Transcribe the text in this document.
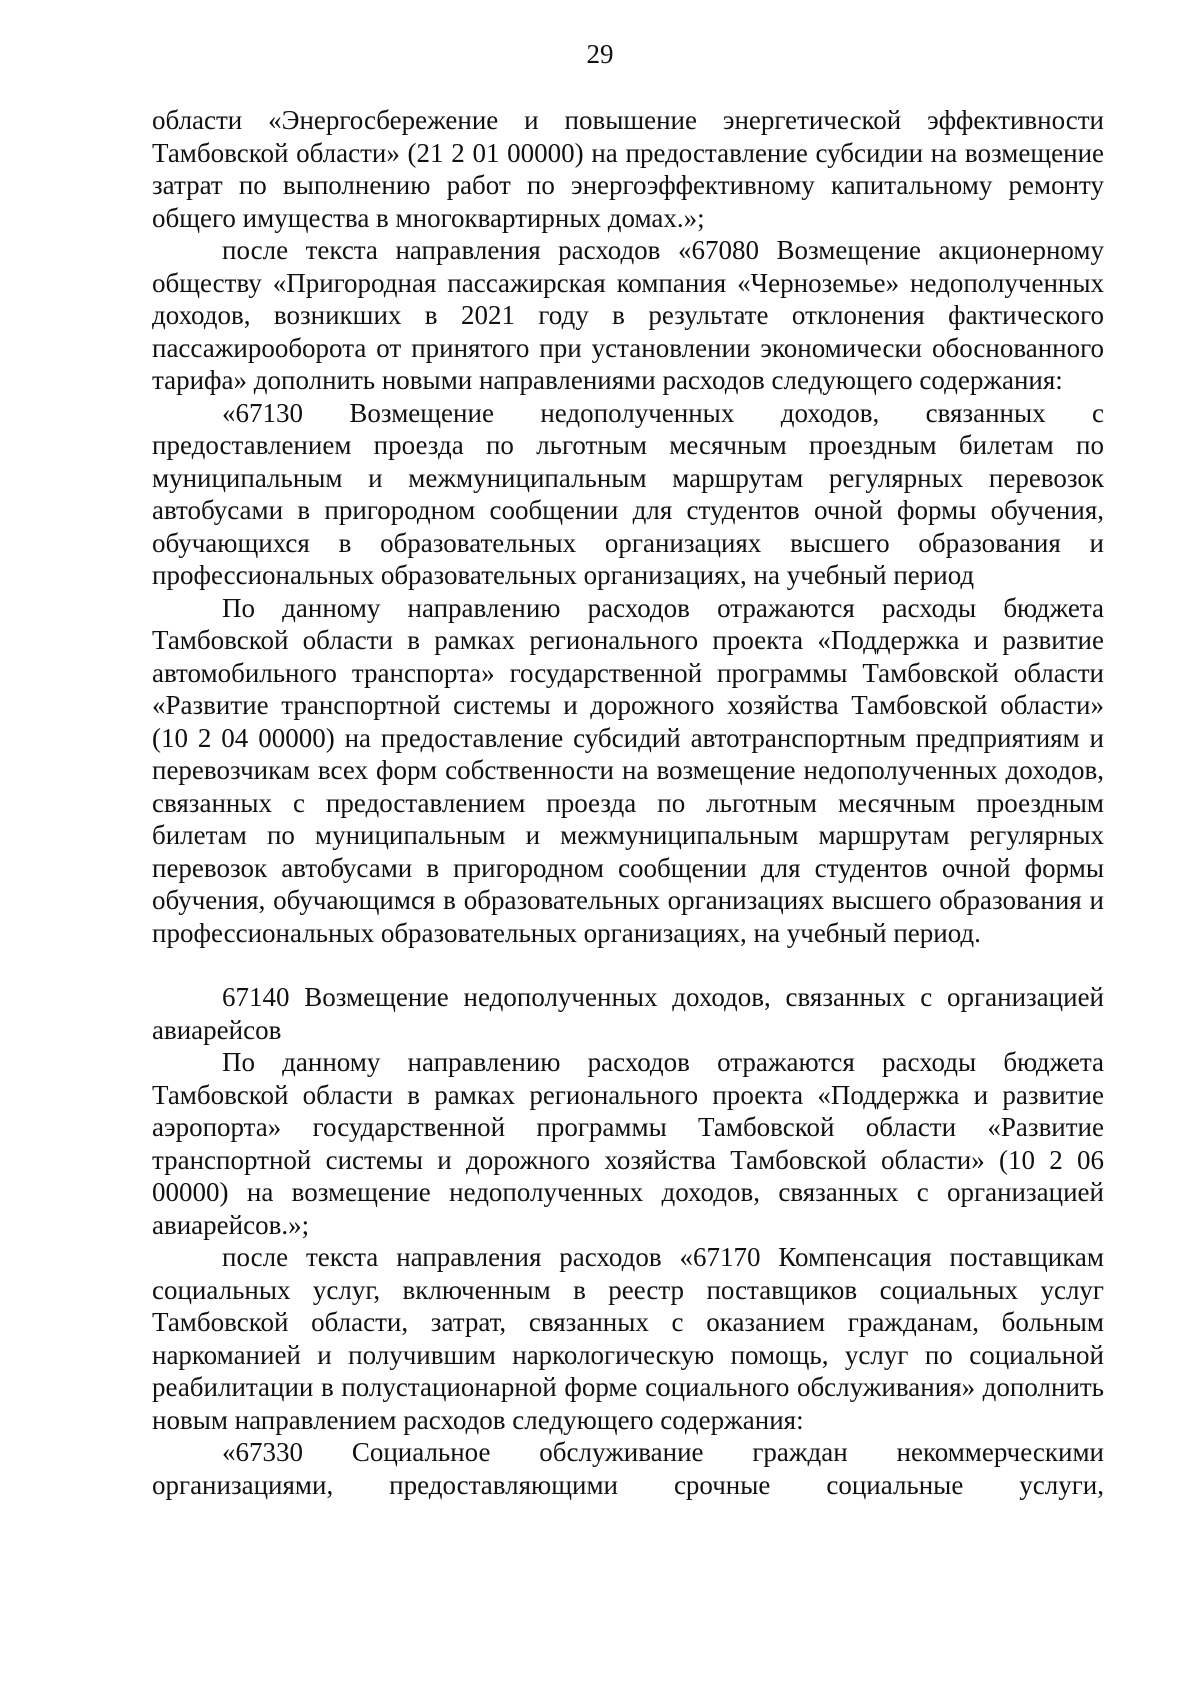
29

области «Энергосбережение и повышение энергетической эффективности Тамбовской области» (21 2 01 00000) на предоставление субсидии на возмещение затрат по выполнению работ по энергоэффективному капитальному ремонту общего имущества в многоквартирных домах.»;

после текста направления расходов «67080 Возмещение акционерному обществу «Пригородная пассажирская компания «Черноземье» недополученных доходов, возникших в 2021 году в результате отклонения фактического пассажирооборота от принятого при установлении экономически обоснованного тарифа» дополнить новыми направлениями расходов следующего содержания:

«67130 Возмещение недополученных доходов, связанных с предоставлением проезда по льготным месячным проездным билетам по муниципальным и межмуниципальным маршрутам регулярных перевозок автобусами в пригородном сообщении для студентов очной формы обучения, обучающихся в образовательных организациях высшего образования и профессиональных образовательных организациях, на учебный период

По данному направлению расходов отражаются расходы бюджета Тамбовской области в рамках регионального проекта «Поддержка и развитие автомобильного транспорта» государственной программы Тамбовской области «Развитие транспортной системы и дорожного хозяйства Тамбовской области» (10 2 04 00000) на предоставление субсидий автотранспортным предприятиям и перевозчикам всех форм собственности на возмещение недополученных доходов, связанных с предоставлением проезда по льготным месячным проездным билетам по муниципальным и межмуниципальным маршрутам регулярных перевозок автобусами в пригородном сообщении для студентов очной формы обучения, обучающимся в образовательных организациях высшего образования и профессиональных образовательных организациях, на учебный период.

67140 Возмещение недополученных доходов, связанных с организацией авиарейсов

По данному направлению расходов отражаются расходы бюджета Тамбовской области в рамках регионального проекта «Поддержка и развитие аэропорта» государственной программы Тамбовской области «Развитие транспортной системы и дорожного хозяйства Тамбовской области» (10 2 06 00000) на возмещение недополученных доходов, связанных с организацией авиарейсов.»;

после текста направления расходов «67170 Компенсация поставщикам социальных услуг, включенным в реестр поставщиков социальных услуг Тамбовской области, затрат, связанных с оказанием гражданам, больным наркоманией и получившим наркологическую помощь, услуг по социальной реабилитации в полустационарной форме социального обслуживания» дополнить новым направлением расходов следующего содержания:

«67330 Социальное обслуживание граждан некоммерческими организациями, предоставляющими срочные социальные услуги,
